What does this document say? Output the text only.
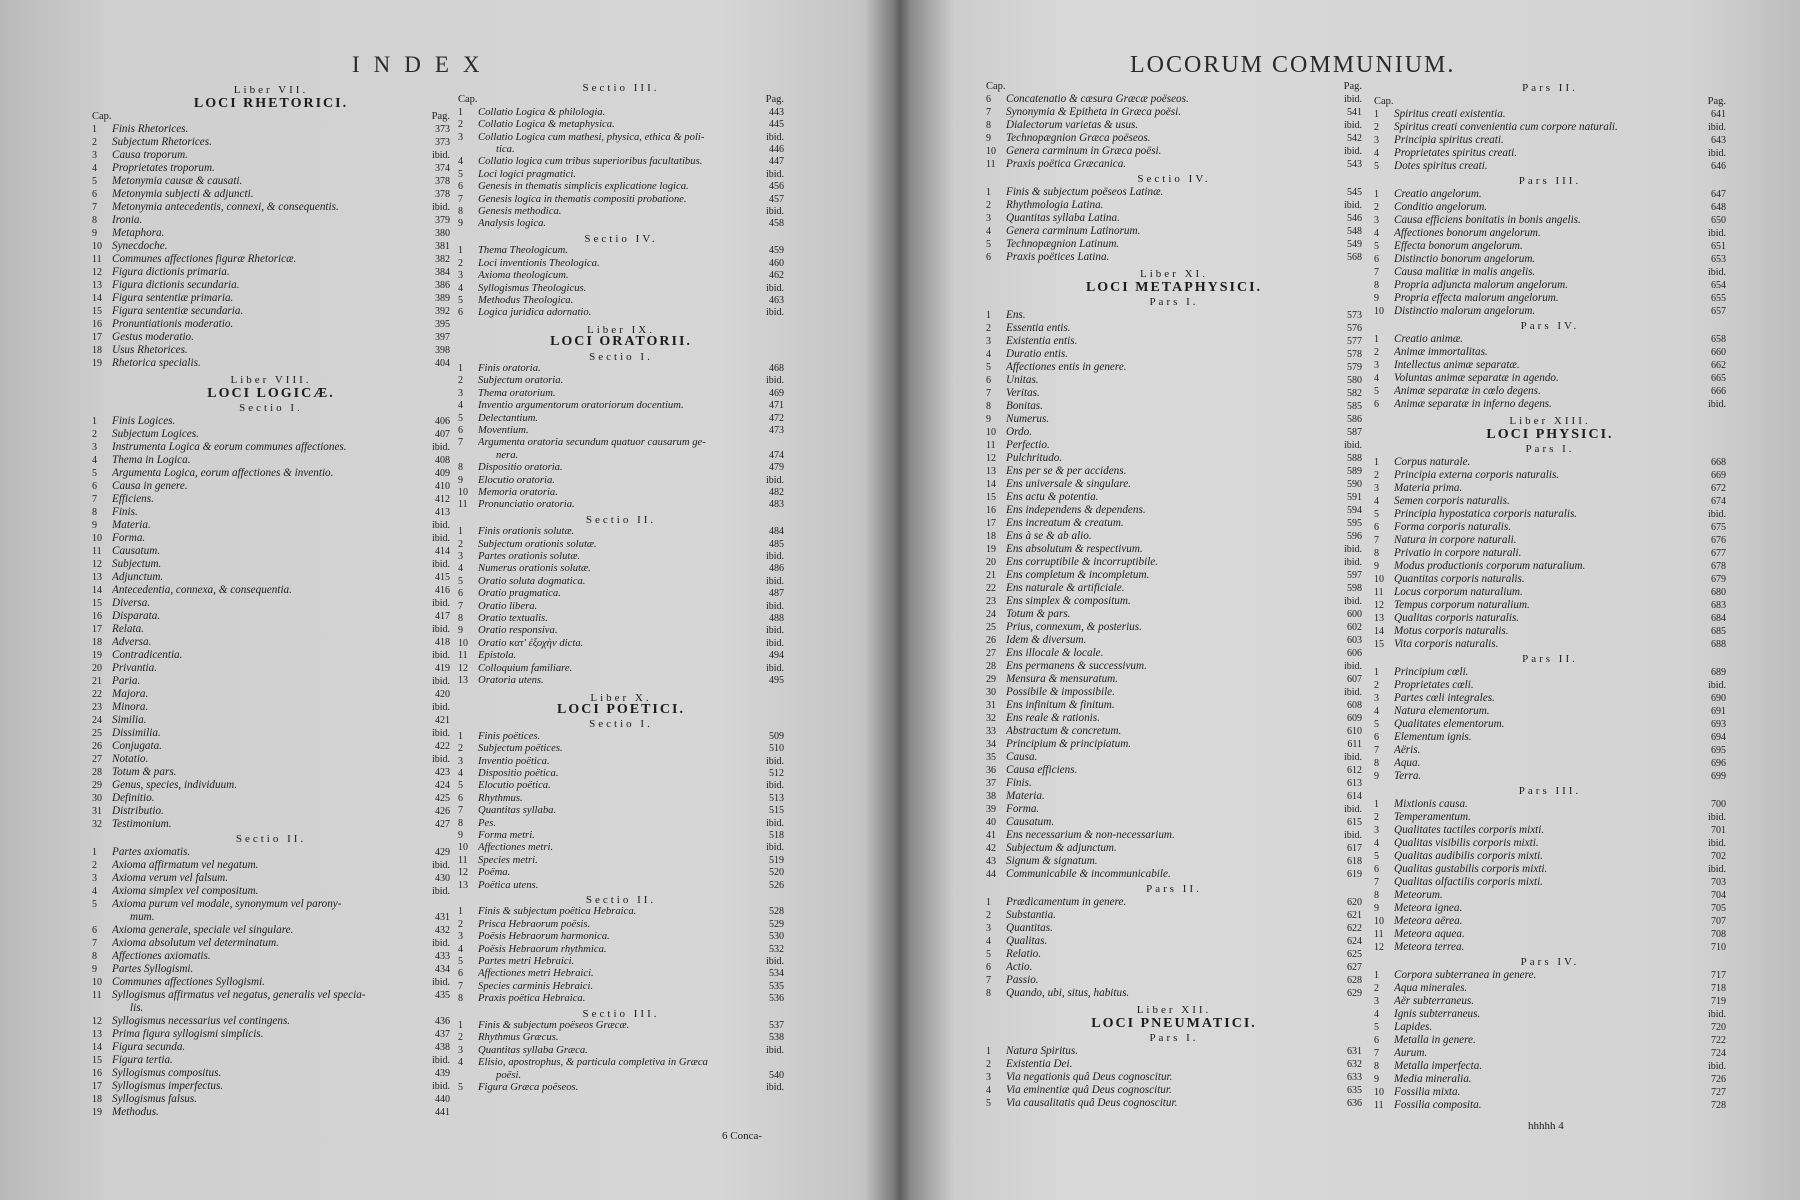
INDEX
Liber VII.
LOCI RHETORICI.
Cap.	Pag.
1	Finis Rhetorices.	373
2	Subjectum Rhetorices.	373
3	Causa troporum.	ibid.
4	Proprietates troporum.	374
5	Metonymia causæ & causati.	378
6	Metonymia subjecti & adjuncti.	378
7	Metonymia antecedentis, connexi, & consequentis.	ibid.
8	Ironia.	379
9	Metaphora.	380
10 Synecdoche.	381
11 Communes affectiones figuræ Rhetoricæ.	382
12 Figura dictionis primaria.	384
13 Figura dictionis secundaria.	386
14 Figura sententiæ primaria.	389
15 Figura sententiæ secundaria.	392
16 Pronuntiationis moderatio.	395
17 Gestus moderatio.	397
18 Usus Rhetorices.	398
19 Rhetorica specialis.	404
Liber VIII.
LOCI LOGICÆ.
Sectio I.
1	Finis Logices.	406
2	Subjectum Logices.	407
3	Instrumenta Logica & eorum communes affectiones.	ibid.
4	Thema in Logica.	408
5	Argumenta Logica, eorum affectiones & inventio.	409
6	Causa in genere.	410
7	Efficiens.	412
8	Finis.	413
9	Materia.	ibid.
10 Forma.	ibid.
11 Causatum.	414
12 Subjectum.	ibid.
13 Adjunctum.	415
14 Antecedentia, connexa, & consequentia.	416
15 Diversa.	ibid.
16 Disparata.	417
17 Relata.	ibid.
18 Adversa.	418
19 Contradicentia.	ibid.
20 Privantia.	419
21 Paria.	ibid.
22 Majora.	420
23 Minora.	ibid.
24 Similia.	421
25 Dissimilia.	ibid.
26 Conjugata.	422
27 Notatio.	ibid.
28 Totum & pars.	423
29 Genus, species, individuum.	424
30 Definitio.	425
31 Distributio.	426
32 Testimonium.	427
Sectio II.
1	Partes axiomatis.	429
2	Axioma affirmatum vel negatum.	ibid.
3	Axioma verum vel falsum.	430
4	Axioma simplex vel compositum.	ibid.
5	Axioma purum vel modale, synonymum vel parony-
mum.	431
6	Axioma generale, speciale vel singulare.	432
7	Axioma absolutum vel determinatum.	ibid.
8	Affectiones axiomatis.	433
9	Partes Syllogismi.	434
10 Communes affectiones Syllogismi.	ibid.
11 Syllogismus affirmatus vel negatus, generalis vel specia-	435
lis.
12 Syllogismus necessarius vel contingens.	436
13 Prima figura syllogismi simplicis.	437
14 Figura secunda.	438
15 Figura tertia.	ibid.
16 Syllogismus compositus.	439
17 Syllogismus imperfectus.	ibid.
18 Syllogismus falsus.	440
19 Methodus.	441
Sectio III.
Cap.	Pag.
1	Collatio Logica & philologia.	443
2	Collatio Logica & metaphysica.	445
3	Collatio Logica cum mathesi, physica, ethica & poli-	ibid.
tica.	446
4	Collatio logica cum tribus superioribus facultatibus.	447
5	Loci logici pragmatici.	ibid.
6	Genesis in thematis simplicis explicatione logica.	456
7	Genesis logica in thematis compositi probatione.	457
8	Genesis methodica.	ibid.
9	Analysis logica.	458
Sectio IV.
1	Thema Theologicum.	459
2	Loci inventionis Theologica.	460
3	Axioma theologicum.	462
4	Syllogismus Theologicus.	ibid.
5	Methodus Theologica.	463
6	Logica juridica adornatio.	ibid.
Liber IX.
LOCI ORATORII.
Sectio I.
1	Finis oratoria.	468
2	Subjectum oratoria.	ibid.
3	Thema oratorium.	469
4	Inventio argumentorum oratoriorum docentium.	471
5	Delectantium.	472
6	Moventium.	473
7	Argumenta oratoria secundum quatuor causarum ge-
nera.	474
8	Dispositio oratoria.	479
9	Elocutio oratoria.	ibid.
10 Memoria oratoria.	482
11 Pronunciatio oratoria.	483
Sectio II.
1	Finis orationis solutæ.	484
2	Subjectum orationis solutæ.	485
3	Partes orationis solutæ.	ibid.
4	Numerus orationis solutæ.	486
5	Oratio soluta dogmatica.	ibid.
6	Oratio pragmatica.	487
7	Oratio libera.	ibid.
8	Oratio textualis.	488
9	Oratio responsiva.	ibid.
10 Oratio κατ' ἐξοχὴν dicta.	ibid.
11 Epistola.	494
12 Colloquium familiare.	ibid.
13 Oratoria utens.	495
Liber X.
LOCI POETICI.
Sectio I.
1	Finis poëtices.	509
2	Subjectum poëtices.	510
3	Inventio poëtica.	ibid.
4	Dispositio poëtica.	512
5	Elocutio poëtica.	ibid.
6	Rhythmus.	513
7	Quantitas syllaba.	515
8	Pes.	ibid.
9	Forma metri.	518
10 Affectiones metri.	ibid.
11 Species metri.	519
12 Poëma.	520
13 Poëtica utens.	526
Sectio II.
1	Finis & subjectum poëtica Hebraica.	528
2	Prisca Hebraorum poësis.	529
3	Poësis Hebraorum harmonica.	530
4	Poësis Hebraorum rhythmica.	532
5	Partes metri Hebraici.	ibid.
6	Affectiones metri Hebraici.	534
7	Species carminis Hebraici.	535
8	Praxis poëtica Hebraica.	536
Sectio III.
1	Finis & subjectum poëseos Græcæ.	537
2	Rhythmus Græcus.	538
3	Quantitas syllaba Græca.	ibid.
4	Elisio, apostrophus, & particula completiva in Græca
poësi.	540
5	Figura Græca poëseos.	ibid.
6 Conca-
LOCORUM COMMUNIUM.
Cap.	Pag.
6	Concatenatio & cæsura Græcæ poëseos.	ibid.
7	Synonymia & Epitheta in Græca poësi.	541
8	Dialectorum varietas & usus.	ibid.
9	Technopægnion Græca poëseos.	542
10 Genera carminum in Græca poësi.	ibid.
11 Praxis poëtica Græcanica.	543
Sectio IV.
1	Finis & subjectum poëseos Latinæ.	545
2	Rhythmologia Latina.	ibid.
3	Quantitas syllaba Latina.	546
4	Genera carminum Latinorum.	548
5	Technopægnion Latinum.	549
6	Praxis poëtices Latina.	568
Liber XI.
LOCI METAPHYSICI.
Pars I.
1	Ens.	573
2	Essentia entis.	576
3	Existentia entis.	577
4	Duratio entis.	578
5	Affectiones entis in genere.	579
6	Unitas.	580
7	Veritas.	582
8	Bonitas.	585
9	Numerus.	586
10 Ordo.	587
11 Perfectio.	ibid.
12 Pulchritudo.	588
13 Ens per se & per accidens.	589
14 Ens universale & singulare.	590
15 Ens actu & potentia.	591
16 Ens independens & dependens.	594
17 Ens increatum & creatum.	595
18 Ens à se & ab alio.	596
19 Ens absolutum & respectivum.	ibid.
20 Ens corruptibile & incorruptibile.	ibid.
21 Ens completum & incompletum.	597
22 Ens naturale & artificiale.	598
23 Ens simplex & compositum.	ibid.
24 Totum & pars.	600
25 Prius, connexum, & posterius.	602
26 Idem & diversum.	603
27 Ens illocale & locale.	606
28 Ens permanens & successivum.	ibid.
29 Mensura & mensuratum.	607
30 Possibile & impossibile.	ibid.
31 Ens infinitum & finitum.	608
32 Ens reale & rationis.	609
33 Abstractum & concretum.	610
34 Principium & principiatum.	611
35 Causa.	ibid.
36 Causa efficiens.	612
37 Finis.	613
38 Materia.	614
39 Forma.	ibid.
40 Causatum.	615
41 Ens necessarium & non-necessarium.	ibid.
42 Subjectum & adjunctum.	617
43 Signum & signatum.	618
44 Communicabile & incommunicabile.	619
Pars II.
1	Prædicamentum in genere.	620
2	Substantia.	621
3	Quantitas.	622
4	Qualitas.	624
5	Relatio.	625
6	Actio.	627
7	Passio.	628
8	Quando, ubi, situs, habitus.	629
Liber XII.
LOCI PNEUMATICI.
Pars I.
1	Natura Spiritus.	631
2	Existentia Dei.	632
3	Via negationis quâ Deus cognoscitur.	633
4	Via eminentiæ quâ Deus cognoscitur.	635
5	Via causalitatis quâ Deus cognoscitur.	636
Pars II.
Cap.	Pag.
1	Spiritus creati existentia.	641
2	Spiritus creati convenientia cum corpore naturali.	ibid.
3	Principia spiritus creati.	643
4	Proprietates spiritus creati.	ibid.
5	Dotes spiritus creati.	646
Pars III.
1	Creatio angelorum.	647
2	Conditio angelorum.	648
3	Causa efficiens bonitatis in bonis angelis.	650
4	Affectiones bonorum angelorum.	ibid.
5	Effecta bonorum angelorum.	651
6	Distinctio bonorum angelorum.	653
7	Causa malitiæ in malis angelis.	ibid.
8	Propria adjuncta malorum angelorum.	654
9	Propria effecta malorum angelorum.	655
10 Distinctio malorum angelorum.	657
Pars IV.
1	Creatio animæ.	658
2	Animæ immortalitas.	660
3	Intellectus animæ separatæ.	662
4	Voluntas animæ separatæ in agendo.	665
5	Animæ separatæ in cœlo degens.	666
6	Animæ separatæ in inferno degens.	ibid.
Liber XIII.
LOCI PHYSICI.
Pars I.
1	Corpus naturale.	668
2	Principia externa corporis naturalis.	669
3	Materia prima.	672
4	Semen corporis naturalis.	674
5	Principia hypostatica corporis naturalis.	ibid.
6	Forma corporis naturalis.	675
7	Natura in corpore naturali.	676
8	Privatio in corpore naturali.	677
9	Modus productionis corporum naturalium.	678
10 Quantitas corporis naturalis.	679
11 Locus corporum naturalium.	680
12 Tempus corporum naturalium.	683
13 Qualitas corporis naturalis.	684
14 Motus corporis naturalis.	685
15 Vita corporis naturalis.	688
Pars II.
1	Principium cœli.	689
2	Proprietates cœli.	ibid.
3	Partes cœli integrales.	690
4	Natura elementorum.	691
5	Qualitates elementorum.	693
6	Elementum ignis.	694
7	Aëris.	695
8	Aqua.	696
9	Terra.	699
Pars III.
1	Mixtionis causa.	700
2	Temperamentum.	ibid.
3	Qualitates tactiles corporis mixti.	701
4	Qualitas visibilis corporis mixti.	ibid.
5	Qualitas audibilis corporis mixti.	702
6	Qualitas gustabilis corporis mixti.	ibid.
7	Qualitas olfactilis corporis mixti.	703
8	Meteorum.	704
9	Meteora ignea.	705
10 Meteora aërea.	707
11 Meteora aquea.	708
12 Meteora terrea.	710
Pars IV.
1	Corpora subterranea in genere.	717
2	Aqua minerales.	718
3	Aër subterraneus.	719
4	Ignis subterraneus.	ibid.
5	Lapides.	720
6	Metalla in genere.	722
7	Aurum.	724
8	Metalla imperfecta.	ibid.
9	Media mineralia.	726
10 Fossilia mixta.	727
11 Fossilia composita.	728
hhhhh 4
